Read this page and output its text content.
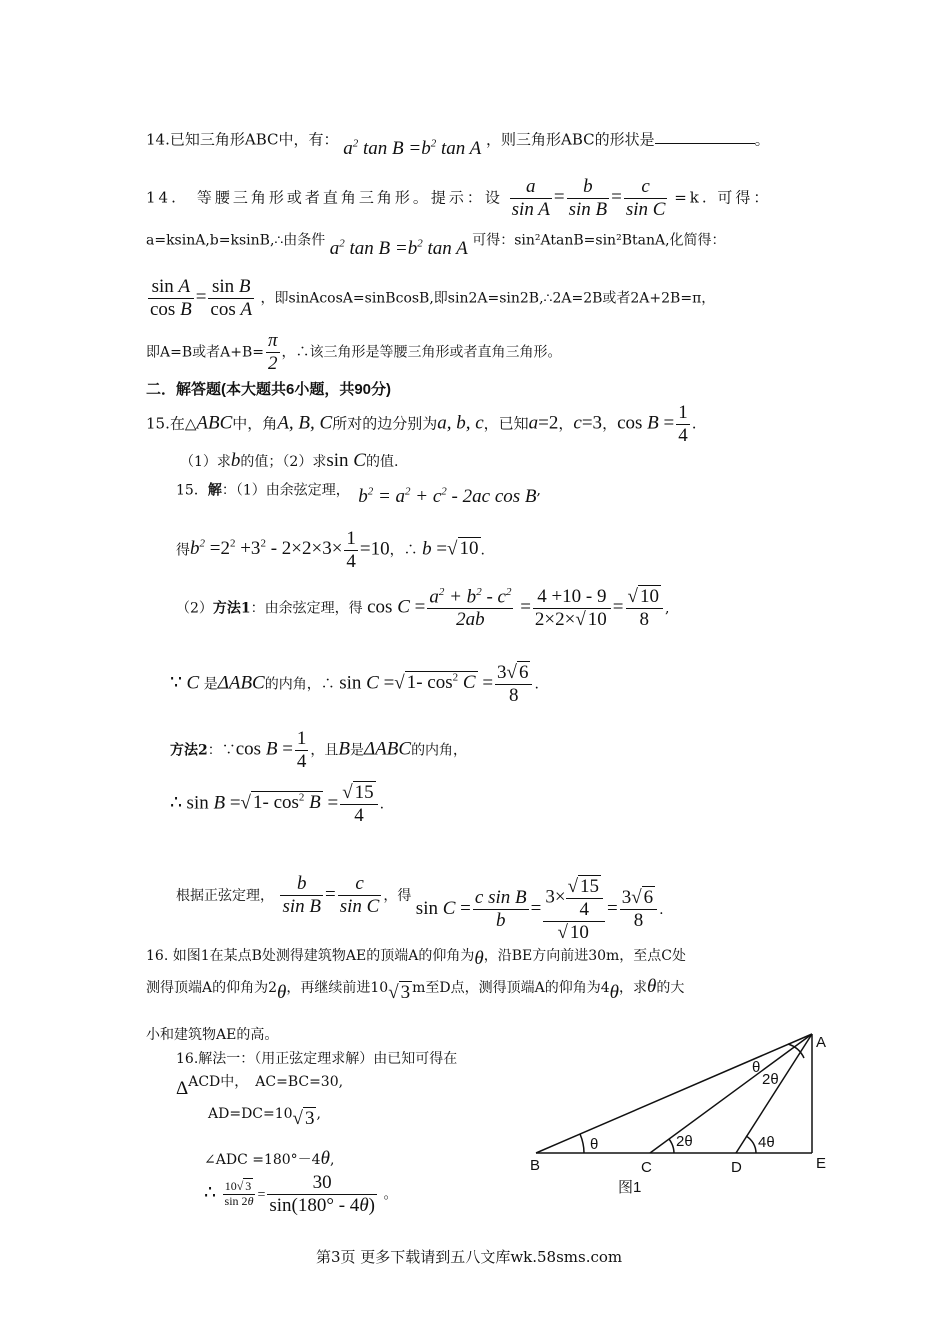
14.已知三角形ABC中，有： $a^2$ $\tan B =b^2$ tan A ，则三角形ABC的形状是	。
14.　等腰三角形或者直角三角形。提示：设 $\frac{a}{\text{sin A}} = \frac{b}{\text{sin B}} = \frac{c}{\text{sin C}} =k$. 可得：
a=ksinA,b=ksinB,∴由条件 $a^2$ $\tan B =b^2$ tan A 可得：sin²AtanB=sin²BtanA,化简得：
$\frac{\text{sin A}}{\text{cos B}} = \frac{\text{sin B}}{\text{cos A}}$ ，即sinAcosA=sinBcosB,即sin2A=sin2B,∴2A=2B或者2A+2B=π，
即A=B或者$A+B= \frac{\pi}{2}$ ，∴该三角形是等腰三角形或者直角三角形。
二．解答题(本大题共6小题，共90分)
15.在△ABC中，角A, B, C所对的边分别为a, b, c，已知a=2，c=3，$\cos B = \frac{1}{4}$ .
（1）求b的值；（2）求sin C的值.
15．解：（1）由余弦定理， $b^2 = a^2 + c^2 - 2ac$ cos B,
得$b^2 =2^2 +3^2 - 2\times 2\times 3\times \frac{1}{4} =10$，∴ b =√ 10 .
（2）方法1：由余弦定理，得 $\cos C = \frac{a^2 + b^2 - c^2}{2ab} = \frac{4 +10 - 9}{2\times 2\times√ 10} = \frac{√ 10}{8}$ ,
∵ C 是ΔABC的内角，∴ sin C =√ 1- $\cos^2 C = \frac{3√ 6}{8}$ .
方法2：∵cos $B = \frac{1}{4}$ ，且B是ΔABC的内角，
∴ sin B =√ 1- $\cos^2 B = \frac{√ 15}{4}$ .
根据正弦定理， $\frac{b}{\text{sin B}} = \frac{c}{\text{sin C}}$ ，得 $\sin C = \frac{\text{c sin B}}{b} = \frac{3\times \frac{√ 15}{4}}{√ 10} = \frac{3√ 6}{8}$ .
16. 如图1在某点B处测得建筑物AE的顶端A的仰角为θ，沿BE方向前进30m，至点C处
测得顶端A的仰角为2θ，再继续前进10√ 3 m至D点，测得顶端A的仰角为4θ，求θ的大
小和建筑物AE的高。
16.解法一：（用正弦定理求解）由已知可得在
ΔACD中，　AC=BC=30,
AD=DC=10√ 3 ,
∠ADC =180°－4θ,
∴ $\frac{10√ 3}{\sin 2\theta} = \frac{30}{\sin(180^\circ - 4\theta)}$ 。
A
B	C	D	E
θ	2θ	4θ
θ
2θ
图1
第3页 更多下载请到五八文库wk.58sms.com
